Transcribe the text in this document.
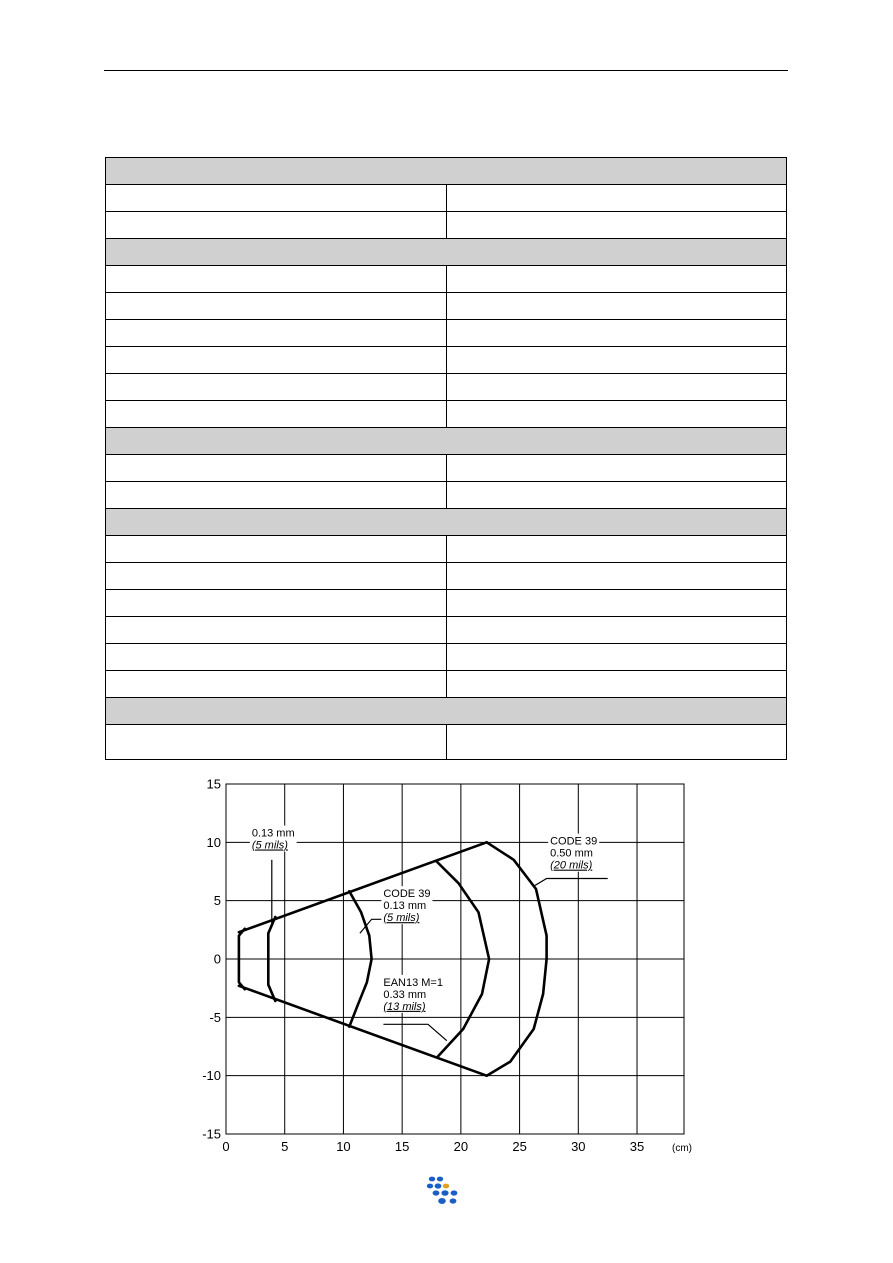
0	5	10	15	20	25	30	35
15
10
5
0
-5
-10
-15
(cm)
0.13 mm
(5 mils)
CODE 39
0.13 mm
(5 mils)
EAN13 M=1
0.33 mm
(13 mils)
CODE 39
0.50 mm
(20 mils)
